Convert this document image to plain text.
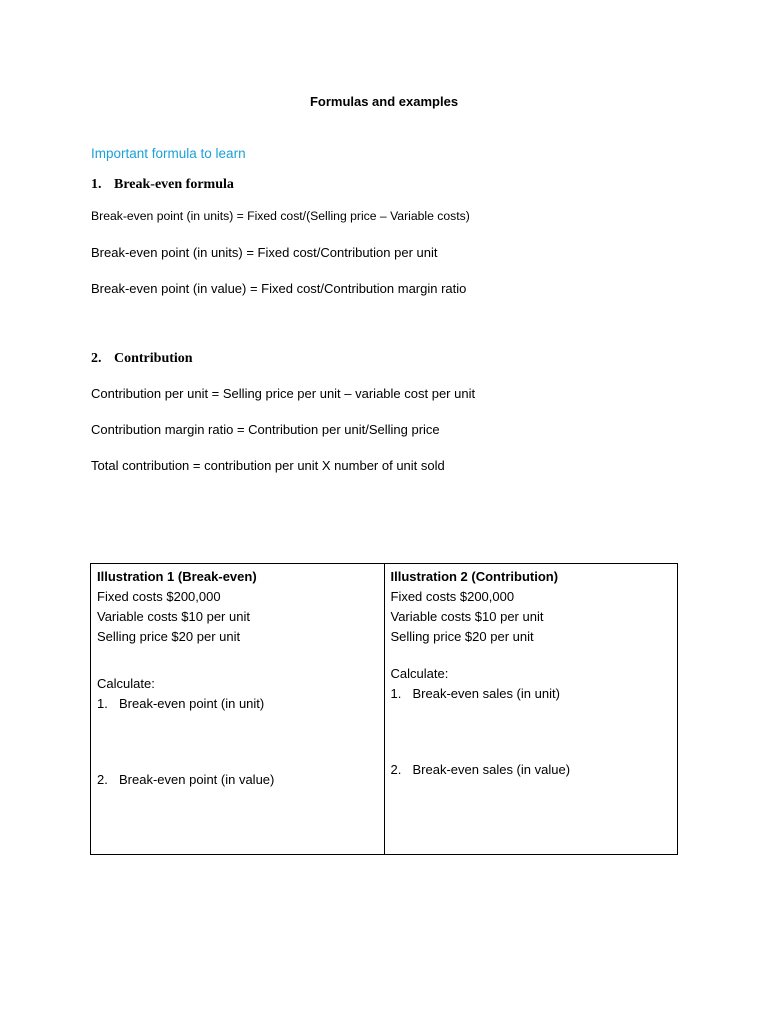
Formulas and examples
Important formula to learn
1. Break-even formula
Break-even point (in units) = Fixed cost/(Selling price – Variable costs)
Break-even point (in units) = Fixed cost/Contribution per unit
Break-even point (in value) = Fixed cost/Contribution margin ratio
2. Contribution
Contribution per unit = Selling price per unit – variable cost per unit
Contribution margin ratio = Contribution per unit/Selling price
Total contribution = contribution per unit X number of unit sold
Illustration 1 (Break-even)
Fixed costs $200,000
Variable costs $10 per unit
Selling price $20 per unit
Calculate:
1. Break-even point (in unit)
2. Break-even point (in value)

Illustration 2 (Contribution)
Fixed costs $200,000
Variable costs $10 per unit
Selling price $20 per unit
Calculate:
1. Break-even sales (in unit)
2. Break-even sales (in value)
